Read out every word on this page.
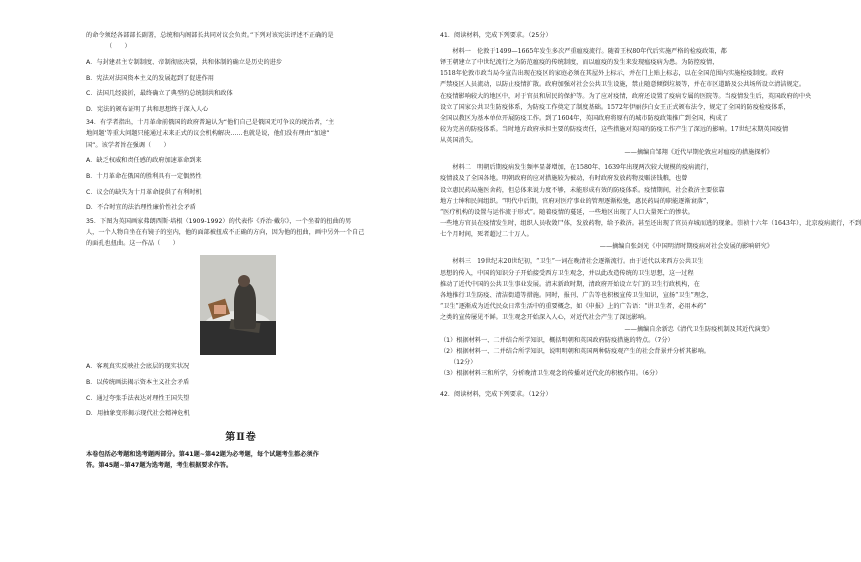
的命令须经各部部长副署，总统和内阁部长共同对议会负责。”下列对该宪法评述不正确的是

（　　）

A．与封建君主专制制度、帝制彻底决裂，共和体制的确立是历史的进步

B．宪法对法国资本主义的发展起到了促进作用

C．法国几经波折，最终确立了典型的总统制共和政体

D．宪法的颁布证明了共和思想终于深入人心

34．有学者指出，十月革命前俄国的政府普遍认为“他们自己是俄国无可争议的统治者，‘主

地问题’等重大问题只能通过未来正式的议会机构解决……也就是说，他们没有理由“加速”

国”。该学者旨在强调（　　）

A．缺乏权威和责任感的政府加速革命到来

B．十月革命在俄国的胜利具有一定偶然性

C．议会的缺失为十月革命提供了有利时机

D．不合时宜的法治理性廉价性社会矛盾

35．下图为英国画家弗朗西斯·培根（1909-1992）的代表作《乔治·戴尔》，一个坐着的扭曲的男

人，一个人物自坐在有镜子的室内，他的面部被扭成不正确的方向，因为他的扭曲，画中另外一个自己

的面孔也扭曲。这一作品（　　）

A．客观真实反映社会底层的现实状况

B．以传统画法揭示资本主义社会矛盾

C．通过夸张手法表达对理性王国失望

D．用抽象变形揭示现代社会精神危机

第Ⅱ卷

本卷包括必考题和选考题两部分。第41题~第42题为必考题，每个试题考生都必须作

答。第45题~第47题为选考题，考生根据要求作答。

41．阅读材料，完成下列要求。（25分）

　　材料一　伦敦于1499—1665年发生多次严重瘟疫流行。随着王权80年代后实施严格的检疫政策，都

铎王朝建立了中世纪流行之为防范瘟疫的传统制度，而以瘟疫的发生来发现瘟疫病为患。为防控疫情，

1518年伦敦市政当局今宣告出现在疫区的家庭必须在其屋外上标示，并在门上贴上标志，以在全国范围内实施检疫制度。政府

严禁疫区人员流动，以防止疫情扩散。政府加强对社会公共卫生设施，禁止随意倾倒垃圾等，并在市区道路及公共场所设立清洁规定。

在疫情影响较大的地区中，对于官员和居民的保护等。为了应对疫情，政府还设置了疫病专属的医院等。当疫情发生后，英国政府的中央

设立了国家公共卫生防疫体系，为防疫工作奠定了制度基础。1572年伊丽莎白女王正式颁布法令，规定了全国的防疫检疫体系，

全国以教区为基本单位开展防疫工作。到了1604年，英国政府将原有的城市防疫政策推广到全国，构成了

较为完善的防疫体系。当时地方政府承担主要的防疫责任，这些措施对英国的防疫工作产生了深远的影响。17世纪末期英国疫情

从英国消失。

——摘编自邹翔《近代早期伦敦应对瘟疫的措施探析》

　　材料二　明朝后期疫病发生频率显著增加，在1580年、1639年出现两次较大规模的疫病流行，

疫情波及了全国各地。明朝政府的应对措施较为被动，有时政府发放药物及赈济钱粮，也曾

设立惠民药局施医舍药，但总体来说力度不够，未能形成有效的防疫体系。疫情期间，社会救济主要依靠

地方士绅和民间组织。“明代中后期，官府对医疗事业的管理逐渐松弛，惠民药局的职能逐渐衰落”，

“医疗机构的设置与运作流于形式”。随着疫情的蔓延，一些地区出现了人口大量死亡的惨状。

一些地方官员在疫情发生时，组织人员收敛尸体，发放药物，给予救济。甚至还出现了官员弃城而逃的现象。崇祯十六年（1643年），北京疫病流行，不到

七个月时间，死者超过二十万人。

——摘编自张剑光《中国明清时期疫病对社会发展的影响研究》

　　材料三　19世纪末20世纪初，“卫生”一词在晚清社会逐渐流行。由于近代以来西方公共卫生

思想的传入，中国的知识分子开始接受西方卫生观念，并以此改造传统的卫生思想，这一过程

推动了近代中国的公共卫生事业发展。清末新政时期，清政府开始设立专门的卫生行政机构，在

各地推行卫生防疫、清洁街道等措施。同时，报刊、广告等也积极宣传卫生知识，宣扬“卫生”理念，

“卫生”逐渐成为近代民众日常生活中的重要概念，如《申报》上的广告语：“讲卫生者，必用本药”

之类的宣传屡见不鲜。卫生观念开始深入人心，对近代社会产生了深远影响。

——摘编自余新忠《清代卫生防疫机制及其近代演变》

（1）根据材料一、二并结合所学知识，概括明朝和英国政府防疫措施的特点。（7分）

（2）根据材料一、二并结合所学知识，说明明朝和英国两种防疫观产生的社会背景并分析其影响。

（12分）

（3）根据材料三和所学，分析晚清卫生观念的传播对近代化的积极作用。（6分）

42．阅读材料，完成下列要求。（12分）
